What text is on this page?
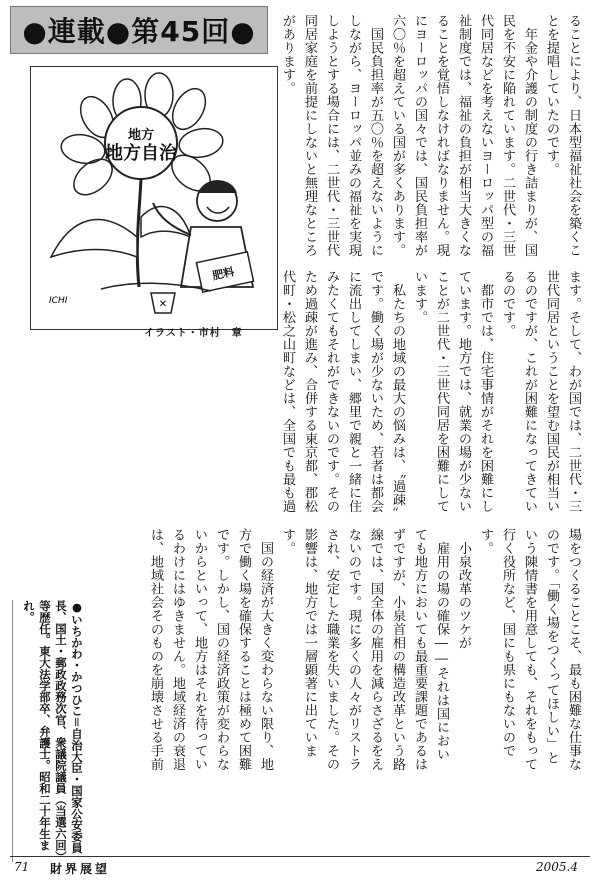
●連載●第45回●
地方
地方自治
肥料
✕
ICHI
イラスト・市村　章
ることにより、日本型福祉社会を築くことを提唱していたのです。
　年金や介護の制度の行き詰まりが、国民を不安に陥れています。二世代・三世代同居などを考えないヨーロッパ型の福祉制度では、福祉の負担が相当大きくなることを覚悟しなければなりません。現にヨーロッパの国々では、国民負担率が六〇％を超えている国が多くあります。
　国民負担率が五〇％を超えないようにしながら、ヨーロッパ並みの福祉を実現しようとする場合には、二世代・三世代同居家庭を前提にしないと無理なところがあります。
ます。そして、わが国では、二世代・三世代同居ということを望む国民が相当いるのですが、これが困難になってきているのです。
　都市では、住宅事情がそれを困難にしています。地方では、就業の場が少ないことが二世代・三世代同居を困難にしています。
　私たちの地域の最大の悩みは、〝過疎〟です。働く場が少ないため、若者は都会に流出してしまい、郷里で親と一緒に住みたくてもそれができないのです。そのため過疎が進み、合併する東京都、郡松代町・松之山町などは、全国でも最も過

場をつくることこそ、最も困難な仕事なのです。「働く場をつくってほしい」という陳情書を用意しても、それをもって行く役所など、国にも県にもないのです。
　小泉改革のツケが
　雇用の場の確保――それは国においても地方においても最重要課題であるはずですが、小泉首相の構造改革という路線では、国全体の雇用を減らさざるをえないのです。現に多くの人々がリストラされ、安定した職業を失いました。その影響は、地方では一層顕著に出ています。
　国の経済が大きく変わらない限り、地方で働く場を確保することは極めて困難です。しかし、国の経済政策が変わらないからといって、地方はそれを待っているわけにはゆきません。地域経済の衰退は、地域社会そのものを崩壊させる手前

●いちかわ・かつひこ＝自治大臣・国家公安委員長、国土・郵政政務次官、衆議院議員（当選六回）等歴任。東大法学部卒、弁護士。昭和二十年生まれ。
71 財界展望	2005.4
